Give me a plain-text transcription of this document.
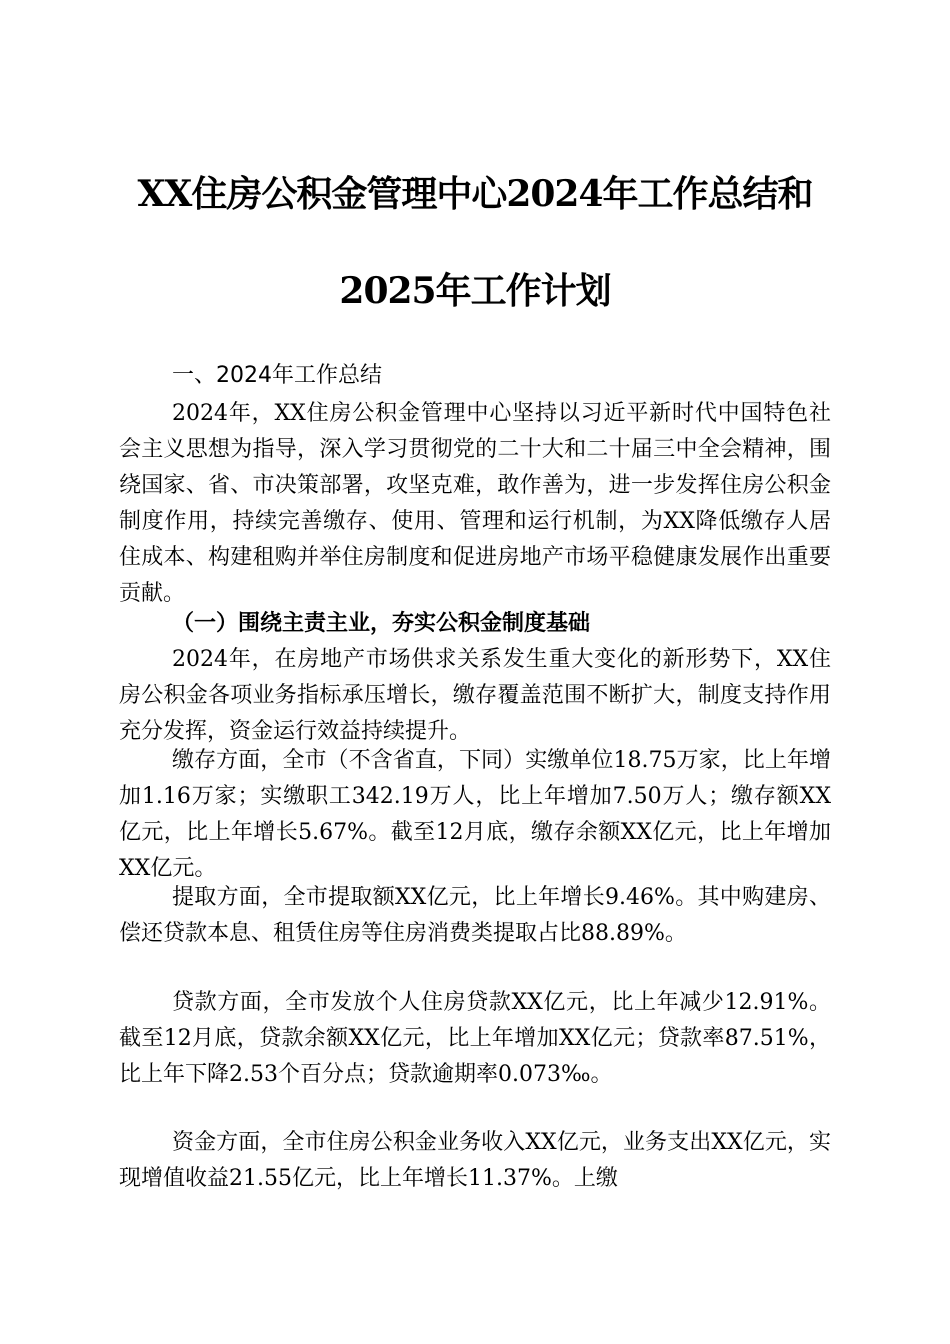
XX住房公积金管理中心2024年工作总结和
2025年工作计划
一、2024年工作总结

2024年，XX住房公积金管理中心坚持以习近平新时代中国特色社会主义思想为指导，深入学习贯彻党的二十大和二十届三中全会精神，围绕国家、省、市决策部署，攻坚克难，敢作善为，进一步发挥住房公积金制度作用，持续完善缴存、使用、管理和运行机制，为XX降低缴存人居住成本、构建租购并举住房制度和促进房地产市场平稳健康发展作出重要贡献。

（一）围绕主责主业，夯实公积金制度基础

2024年，在房地产市场供求关系发生重大变化的新形势下，XX住房公积金各项业务指标承压增长，缴存覆盖范围不断扩大，制度支持作用充分发挥，资金运行效益持续提升。

缴存方面，全市（不含省直，下同）实缴单位18.75万家，比上年增加1.16万家；实缴职工342.19万人，比上年增加7.50万人；缴存额XX亿元，比上年增长5.67%。截至12月底，缴存余额XX亿元，比上年增加XX亿元。

提取方面，全市提取额XX亿元，比上年增长9.46%。其中购建房、偿还贷款本息、租赁住房等住房消费类提取占比88.89%。

贷款方面，全市发放个人住房贷款XX亿元，比上年减少12.91%。截至12月底，贷款余额XX亿元，比上年增加XX亿元；贷款率87.51%，比上年下降2.53个百分点；贷款逾期率0.073‰。

资金方面，全市住房公积金业务收入XX亿元，业务支出XX亿元，实现增值收益21.55亿元，比上年增长11.37%。上缴
